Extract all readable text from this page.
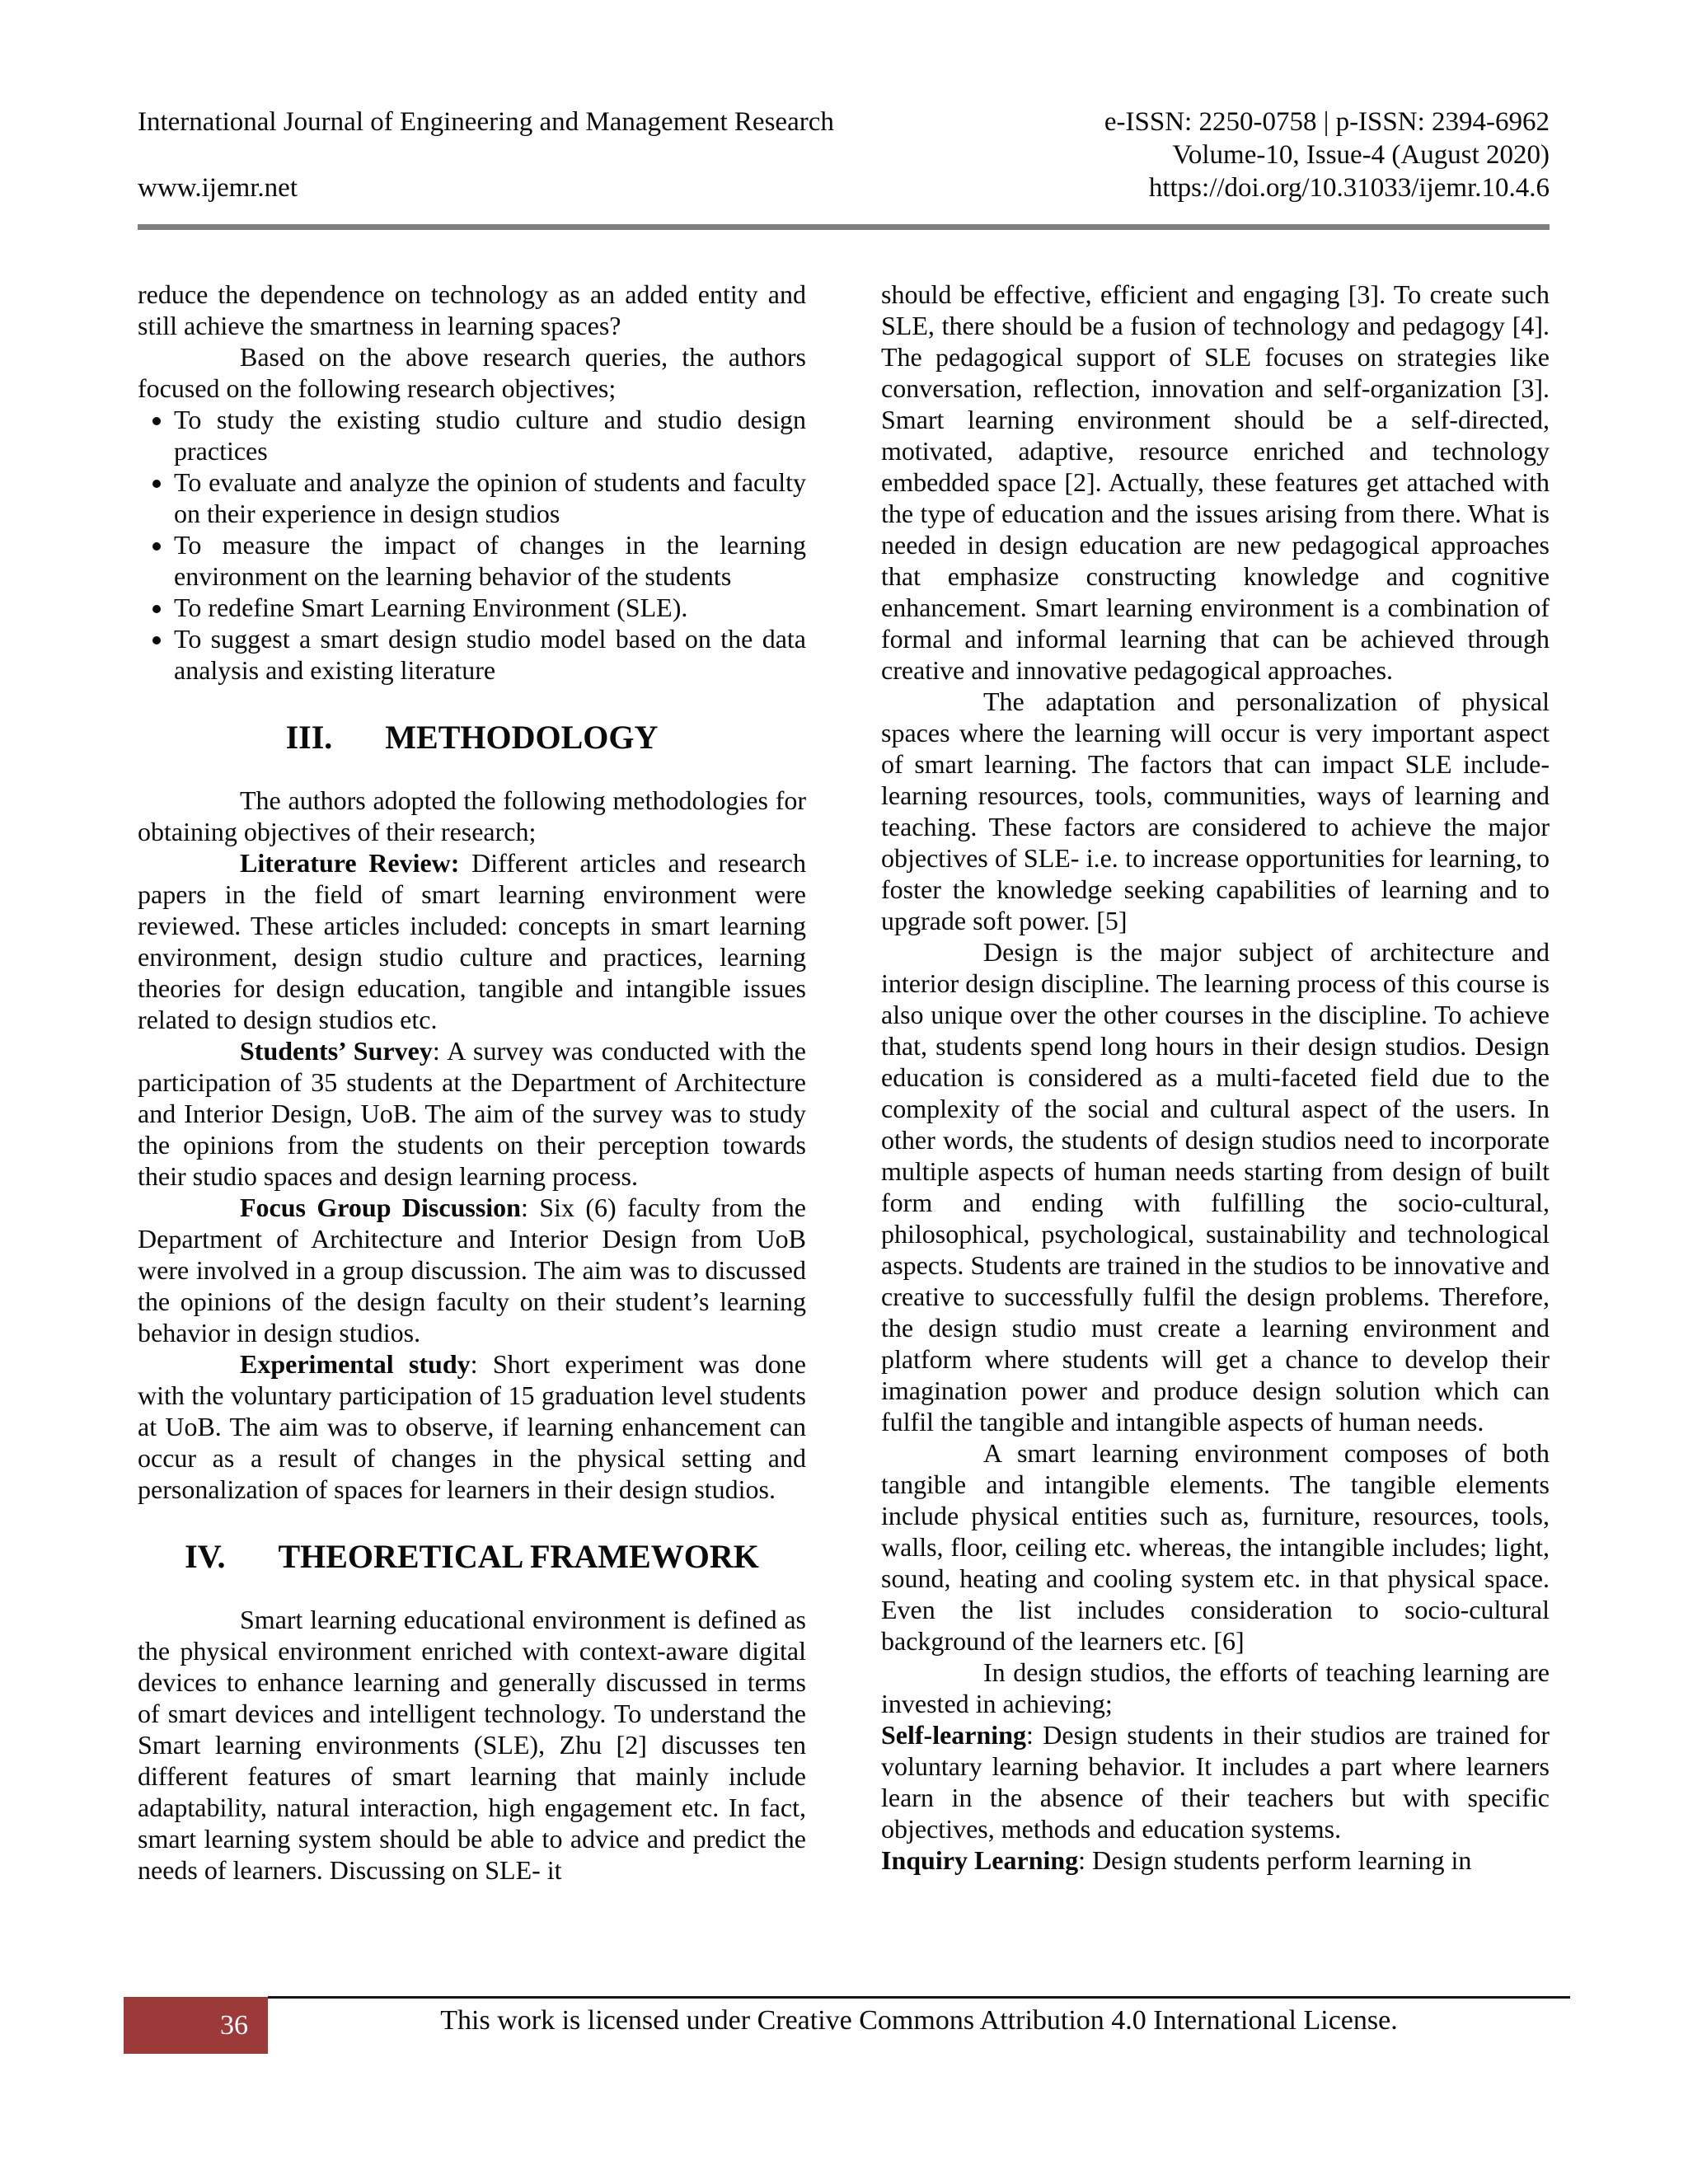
International Journal of Engineering and Management Research	e-ISSN: 2250-0758 | p-ISSN: 2394-6962
Volume-10, Issue-4 (August 2020)
www.ijemr.net	https://doi.org/10.31033/ijemr.10.4.6

reduce the dependence on technology as an added entity and still achieve the smartness in learning spaces?

Based on the above research queries, the authors focused on the following research objectives;

• To study the existing studio culture and studio design practices
• To evaluate and analyze the opinion of students and faculty on their experience in design studios
• To measure the impact of changes in the learning environment on the learning behavior of the students
• To redefine Smart Learning Environment (SLE).
• To suggest a smart design studio model based on the data analysis and existing literature
III. METHODOLOGY

The authors adopted the following methodologies for obtaining objectives of their research;

Literature Review: Different articles and research papers in the field of smart learning environment were reviewed. These articles included: concepts in smart learning environment, design studio culture and practices, learning theories for design education, tangible and intangible issues related to design studios etc.

Students’ Survey: A survey was conducted with the participation of 35 students at the Department of Architecture and Interior Design, UoB. The aim of the survey was to study the opinions from the students on their perception towards their studio spaces and design learning process.

Focus Group Discussion: Six (6) faculty from the Department of Architecture and Interior Design from UoB were involved in a group discussion. The aim was to discussed the opinions of the design faculty on their student’s learning behavior in design studios.

Experimental study: Short experiment was done with the voluntary participation of 15 graduation level students at UoB. The aim was to observe, if learning enhancement can occur as a result of changes in the physical setting and personalization of spaces for learners in their design studios.

IV. THEORETICAL FRAMEWORK

Smart learning educational environment is defined as the physical environment enriched with context-aware digital devices to enhance learning and generally discussed in terms of smart devices and intelligent technology. To understand the Smart learning environments (SLE), Zhu [2] discusses ten different features of smart learning that mainly include adaptability, natural interaction, high engagement etc. In fact, smart learning system should be able to advice and predict the needs of learners. Discussing on SLE- it

should be effective, efficient and engaging [3]. To create such SLE, there should be a fusion of technology and pedagogy [4]. The pedagogical support of SLE focuses on strategies like conversation, reflection, innovation and self-organization [3]. Smart learning environment should be a self-directed, motivated, adaptive, resource enriched and technology embedded space [2]. Actually, these features get attached with the type of education and the issues arising from there. What is needed in design education are new pedagogical approaches that emphasize constructing knowledge and cognitive enhancement. Smart learning environment is a combination of formal and informal learning that can be achieved through creative and innovative pedagogical approaches.

The adaptation and personalization of physical spaces where the learning will occur is very important aspect of smart learning. The factors that can impact SLE include- learning resources, tools, communities, ways of learning and teaching. These factors are considered to achieve the major objectives of SLE- i.e. to increase opportunities for learning, to foster the knowledge seeking capabilities of learning and to upgrade soft power. [5]

Design is the major subject of architecture and interior design discipline. The learning process of this course is also unique over the other courses in the discipline. To achieve that, students spend long hours in their design studios. Design education is considered as a multi-faceted field due to the complexity of the social and cultural aspect of the users. In other words, the students of design studios need to incorporate multiple aspects of human needs starting from design of built form and ending with fulfilling the socio-cultural, philosophical, psychological, sustainability and technological aspects. Students are trained in the studios to be innovative and creative to successfully fulfil the design problems. Therefore, the design studio must create a learning environment and platform where students will get a chance to develop their imagination power and produce design solution which can fulfil the tangible and intangible aspects of human needs.

A smart learning environment composes of both tangible and intangible elements. The tangible elements include physical entities such as, furniture, resources, tools, walls, floor, ceiling etc. whereas, the intangible includes; light, sound, heating and cooling system etc. in that physical space. Even the list includes consideration to socio-cultural background of the learners etc. [6]

In design studios, the efforts of teaching learning are invested in achieving;

Self-learning: Design students in their studios are trained for voluntary learning behavior. It includes a part where learners learn in the absence of their teachers but with specific objectives, methods and education systems.

Inquiry Learning: Design students perform learning in

36	This work is licensed under Creative Commons Attribution 4.0 International License.
